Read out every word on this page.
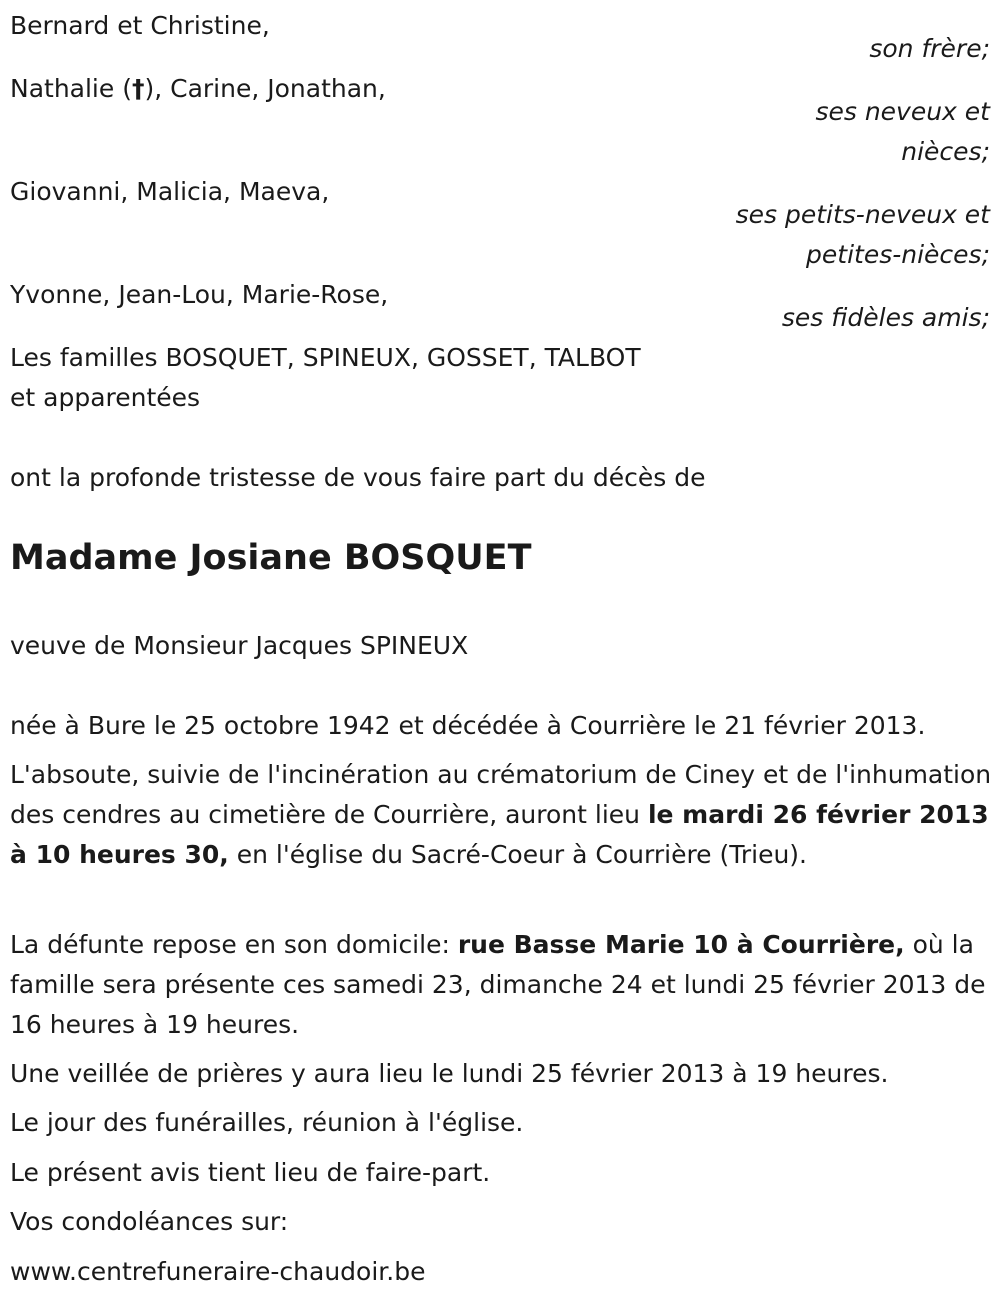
Bernard et Christine,
son frère;
Nathalie (†), Carine, Jonathan,
ses neveux et
nièces;
Giovanni, Malicia, Maeva,
ses petits-neveux et
petites-nièces;
Yvonne, Jean-Lou, Marie-Rose,
ses fidèles amis;
Les familles BOSQUET, SPINEUX, GOSSET, TALBOT
et apparentées
ont la profonde tristesse de vous faire part du décès de
Madame Josiane BOSQUET
veuve de Monsieur Jacques SPINEUX
née à Bure le 25 octobre 1942 et décédée à Courrière le 21 février 2013.
L'absoute, suivie de l'incinération au crématorium de Ciney et de l'inhumation des cendres au cimetière de Courrière, auront lieu le mardi 26 février 2013 à 10 heures 30, en l'église du Sacré-Coeur à Courrière (Trieu).
La défunte repose en son domicile: rue Basse Marie 10 à Courrière, où la famille sera présente ces samedi 23, dimanche 24 et lundi 25 février 2013 de 16 heures à 19 heures.
Une veillée de prières y aura lieu le lundi 25 février 2013 à 19 heures.
Le jour des funérailles, réunion à l'église.
Le présent avis tient lieu de faire-part.
Vos condoléances sur:
www.centrefuneraire-chaudoir.be
